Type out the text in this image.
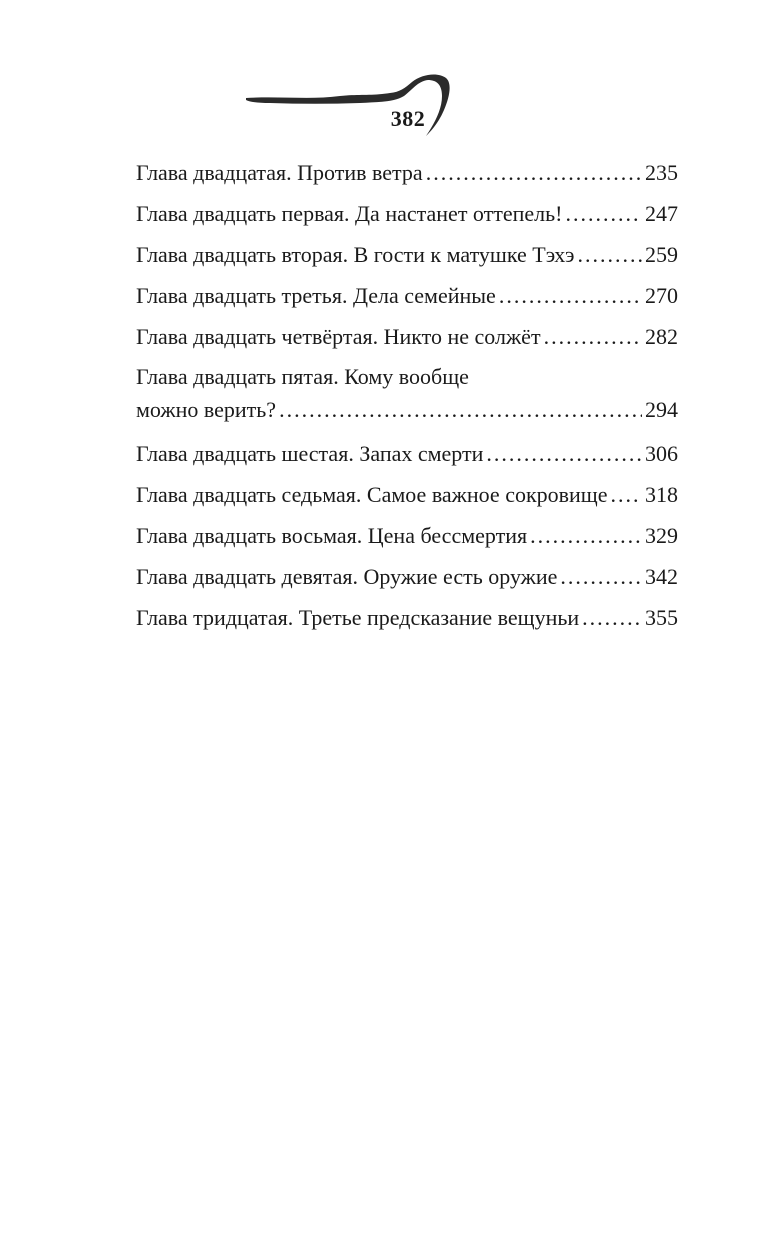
382
Глава двадцатая. Против ветра .....	235
Глава двадцать первая. Да настанет оттепель! .....	247
Глава двадцать вторая. В гости к матушке Тэхэ .....	259
Глава двадцать третья. Дела семейные .....	270
Глава двадцать четвёртая. Никто не солжёт .....	282
Глава двадцать пятая. Кому вообще
можно верить? .....	294
Глава двадцать шестая. Запах смерти .....	306
Глава двадцать седьмая. Самое важное сокровище ..... 318
Глава двадцать восьмая. Цена бессмертия .....	329
Глава двадцать девятая. Оружие есть оружие .....	342
Глава тридцатая. Третье предсказание вещуньи .....	355
